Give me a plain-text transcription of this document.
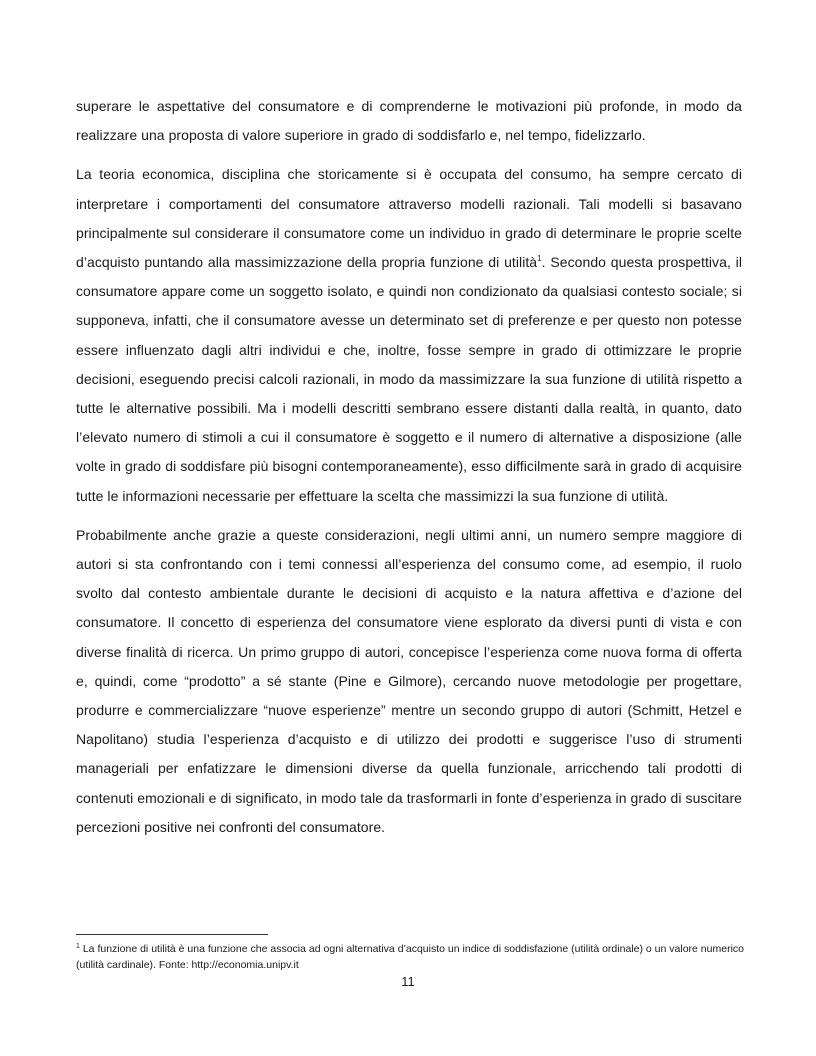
superare le aspettative del consumatore e di comprenderne le motivazioni più profonde, in modo da realizzare una proposta di valore superiore in grado di soddisfarlo e, nel tempo, fidelizzarlo.

La teoria economica, disciplina che storicamente si è occupata del consumo, ha sempre cercato di interpretare i comportamenti del consumatore attraverso modelli razionali. Tali modelli si basavano principalmente sul considerare il consumatore come un individuo in grado di determinare le proprie scelte d’acquisto puntando alla massimizzazione della propria funzione di utilità$^1$. Secondo questa prospettiva, il consumatore appare come un soggetto isolato, e quindi non condizionato da qualsiasi contesto sociale; si supponeva, infatti, che il consumatore avesse un determinato set di preferenze e per questo non potesse essere influenzato dagli altri individui e che, inoltre, fosse sempre in grado di ottimizzare le proprie decisioni, eseguendo precisi calcoli razionali, in modo da massimizzare la sua funzione di utilità rispetto a tutte le alternative possibili. Ma i modelli descritti sembrano essere distanti dalla realtà, in quanto, dato l’elevato numero di stimoli a cui il consumatore è soggetto e il numero di alternative a disposizione (alle volte in grado di soddisfare più bisogni contemporaneamente), esso difficilmente sarà in grado di acquisire tutte le informazioni necessarie per effettuare la scelta che massimizzi la sua funzione di utilità.

Probabilmente anche grazie a queste considerazioni, negli ultimi anni, un numero sempre maggiore di autori si sta confrontando con i temi connessi all’esperienza del consumo come, ad esempio, il ruolo svolto dal contesto ambientale durante le decisioni di acquisto e la natura affettiva e d’azione del consumatore. Il concetto di esperienza del consumatore viene esplorato da diversi punti di vista e con diverse finalità di ricerca. Un primo gruppo di autori, concepisce l’esperienza come nuova forma di offerta e, quindi, come “prodotto” a sé stante (Pine e Gilmore), cercando nuove metodologie per progettare, produrre e commercializzare “nuove esperienze” mentre un secondo gruppo di autori (Schmitt, Hetzel e Napolitano) studia l’esperienza d’acquisto e di utilizzo dei prodotti e suggerisce l’uso di strumenti manageriali per enfatizzare le dimensioni diverse da quella funzionale, arricchendo tali prodotti di contenuti emozionali e di significato, in modo tale da trasformarli in fonte d’esperienza in grado di suscitare percezioni positive nei confronti del consumatore.

$^1$ La funzione di utilità è una funzione che associa ad ogni alternativa d’acquisto un indice di soddisfazione (utilità ordinale) o un valore numerico (utilità cardinale). Fonte: http://economia.unipv.it
11
